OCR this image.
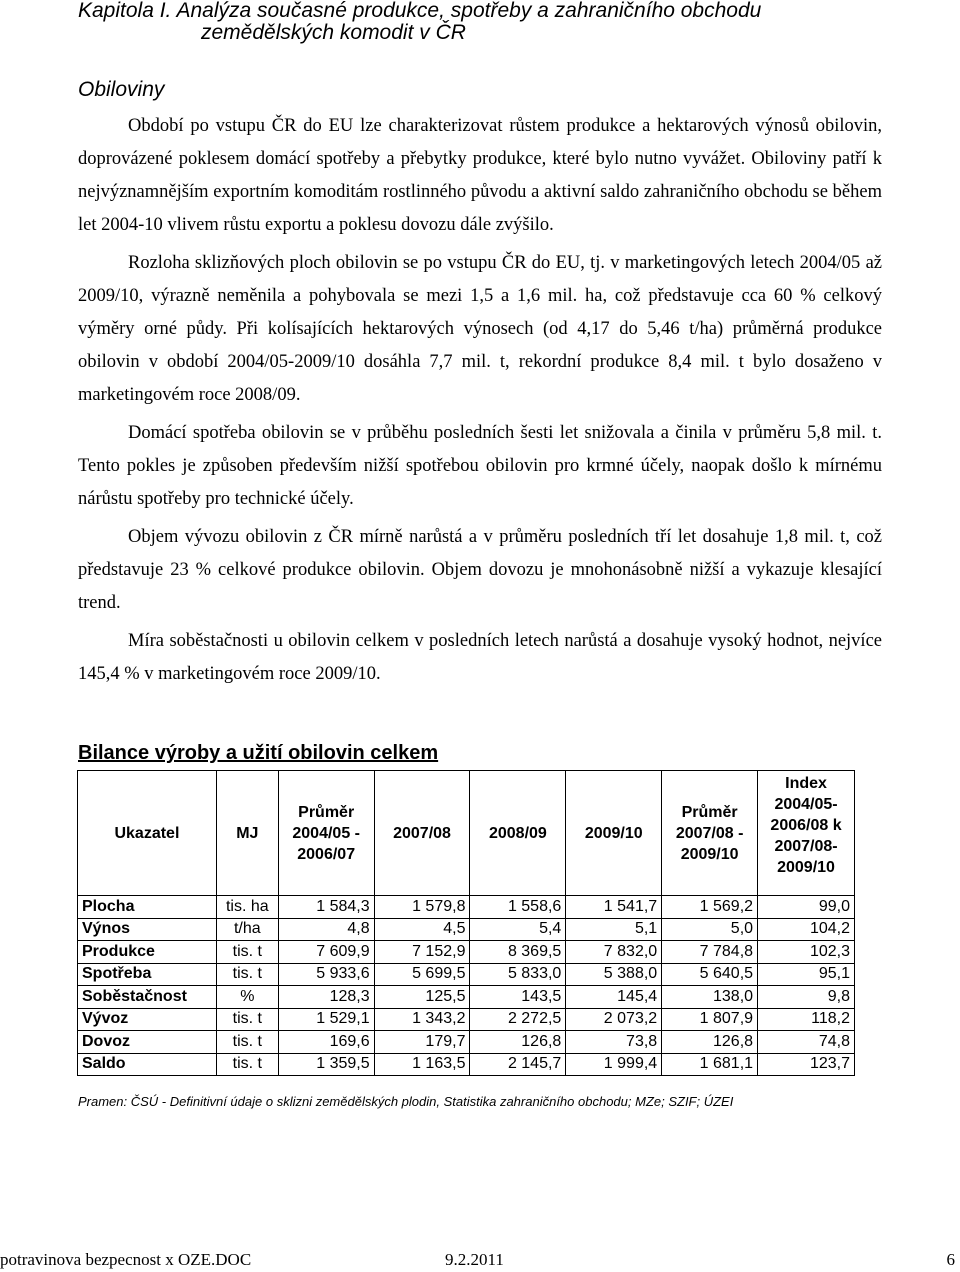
Kapitola I. Analýza současné produkce, spotřeby a zahraničního obchodu
zemědělských komodit v ČR
Obiloviny

Období po vstupu ČR do EU lze charakterizovat růstem produkce a hektarových výnosů obilovin, doprovázené poklesem domácí spotřeby a přebytky produkce, které bylo nutno vyvážet. Obiloviny patří k nejvýznamnějším exportním komoditám rostlinného původu a aktivní saldo zahraničního obchodu se během let 2004-10 vlivem růstu exportu a poklesu dovozu dále zvýšilo.

Rozloha sklizňových ploch obilovin se po vstupu ČR do EU, tj. v marketingových letech 2004/05 až 2009/10, výrazně neměnila a pohybovala se mezi 1,5 a 1,6 mil. ha, což představuje cca 60 % celkový výměry orné půdy. Při kolísajících hektarových výnosech (od 4,17 do 5,46 t/ha) průměrná produkce obilovin v období 2004/05-2009/10 dosáhla 7,7 mil. t, rekordní produkce 8,4 mil. t bylo dosaženo v marketingovém roce 2008/09.

Domácí spotřeba obilovin se v průběhu posledních šesti let snižovala a činila v průměru 5,8 mil. t. Tento pokles je způsoben především nižší spotřebou obilovin pro krmné účely, naopak došlo k mírnému nárůstu spotřeby pro technické účely.

Objem vývozu obilovin z ČR mírně narůstá a v průměru posledních tří let dosahuje 1,8 mil. t, což představuje 23 % celkové produkce obilovin. Objem dovozu je mnohonásobně nižší a vykazuje klesající trend.

Míra soběstačnosti u obilovin celkem v posledních letech narůstá a dosahuje vysoký hodnot, nejvíce 145,4 % v marketingovém roce 2009/10.

Bilance výroby a užití obilovin celkem
Ukazatel	MJ	Průměr 2004/05 - 2006/07	2007/08	2008/09	2009/10	Průměr 2007/08 - 2009/10	Index 2004/05- 2006/08 k 2007/08- 2009/10
Plocha	tis. ha	1 584,3	1 579,8	1 558,6	1 541,7	1 569,2	99,0
Výnos	t/ha	4,8	4,5	5,4	5,1	5,0	104,2
Produkce	tis. t	7 609,9	7 152,9	8 369,5	7 832,0	7 784,8	102,3
Spotřeba	tis. t	5 933,6	5 699,5	5 833,0	5 388,0	5 640,5	95,1
Soběstačnost	%	128,3	125,5	143,5	145,4	138,0	9,8
Vývoz	tis. t	1 529,1	1 343,2	2 272,5	2 073,2	1 807,9	118,2
Dovoz	tis. t	169,6	179,7	126,8	73,8	126,8	74,8
Saldo	tis. t	1 359,5	1 163,5	2 145,7	1 999,4	1 681,1	123,7
Pramen: ČSÚ - Definitivní údaje o sklizni zemědělských plodin, Statistika zahraničního obchodu; MZe; SZIF; ÚZEI
potravinova bezpecnost x OZE.DOC	9.2.2011	6
